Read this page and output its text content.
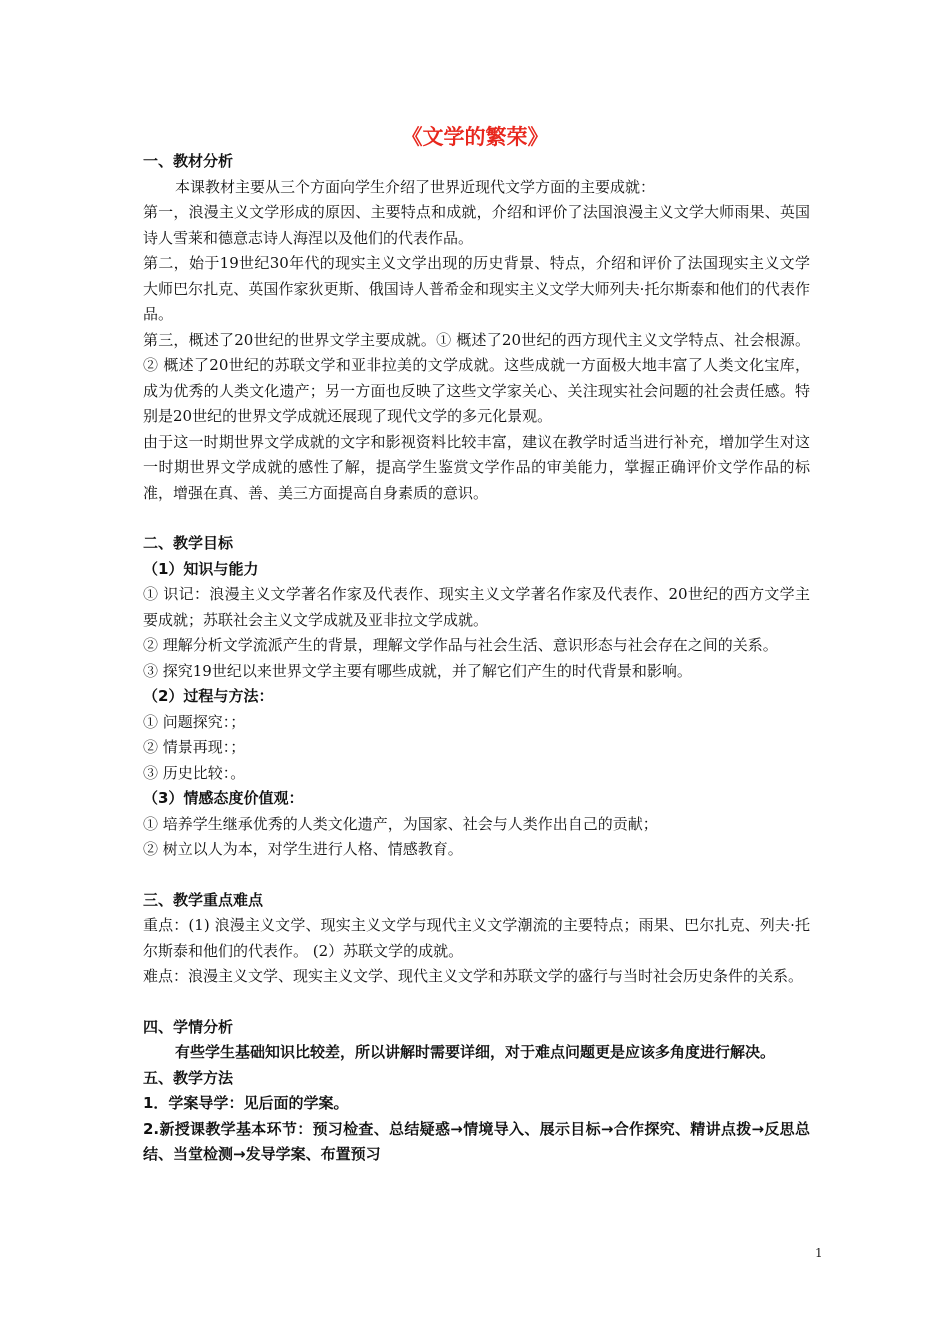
《文学的繁荣》

一、教材分析

本课教材主要从三个方面向学生介绍了世界近现代文学方面的主要成就：

第一，浪漫主义文学形成的原因、主要特点和成就，介绍和评价了法国浪漫主义文学大师雨果、英国诗人雪莱和德意志诗人海涅以及他们的代表作品。

第二，始于19世纪30年代的现实主义文学出现的历史背景、特点，介绍和评价了法国现实主义文学大师巴尔扎克、英国作家狄更斯、俄国诗人普希金和现实主义文学大师列夫·托尔斯泰和他们的代表作品。

第三，概述了20世纪的世界文学主要成就。① 概述了20世纪的西方现代主义文学特点、社会根源。② 概述了20世纪的苏联文学和亚非拉美的文学成就。这些成就一方面极大地丰富了人类文化宝库，成为优秀的人类文化遗产；另一方面也反映了这些文学家关心、关注现实社会问题的社会责任感。特别是20世纪的世界文学成就还展现了现代文学的多元化景观。

由于这一时期世界文学成就的文字和影视资料比较丰富，建议在教学时适当进行补充，增加学生对这一时期世界文学成就的感性了解，提高学生鉴赏文学作品的审美能力，掌握正确评价文学作品的标准，增强在真、善、美三方面提高自身素质的意识。

二、教学目标

（1）知识与能力

① 识记：浪漫主义文学著名作家及代表作、现实主义文学著名作家及代表作、20世纪的西方文学主要成就；苏联社会主义文学成就及亚非拉文学成就。

② 理解分析文学流派产生的背景，理解文学作品与社会生活、意识形态与社会存在之间的关系。

③ 探究19世纪以来世界文学主要有哪些成就，并了解它们产生的时代背景和影响。

（2）过程与方法：

① 问题探究：；

② 情景再现：；

③ 历史比较：。

（3）情感态度价值观：

① 培养学生继承优秀的人类文化遗产，为国家、社会与人类作出自己的贡献；

② 树立以人为本，对学生进行人格、情感教育。

三、教学重点难点

重点：(1) 浪漫主义文学、现实主义文学与现代主义文学潮流的主要特点；雨果、巴尔扎克、列夫·托尔斯泰和他们的代表作。 (2）苏联文学的成就。

难点：浪漫主义文学、现实主义文学、现代主义文学和苏联文学的盛行与当时社会历史条件的关系。

四、学情分析

有些学生基础知识比较差，所以讲解时需要详细，对于难点问题更是应该多角度进行解决。

五、教学方法

1．学案导学：见后面的学案。

2.新授课教学基本环节：预习检查、总结疑惑→情境导入、展示目标→合作探究、精讲点拨→反思总结、当堂检测→发导学案、布置预习

1
